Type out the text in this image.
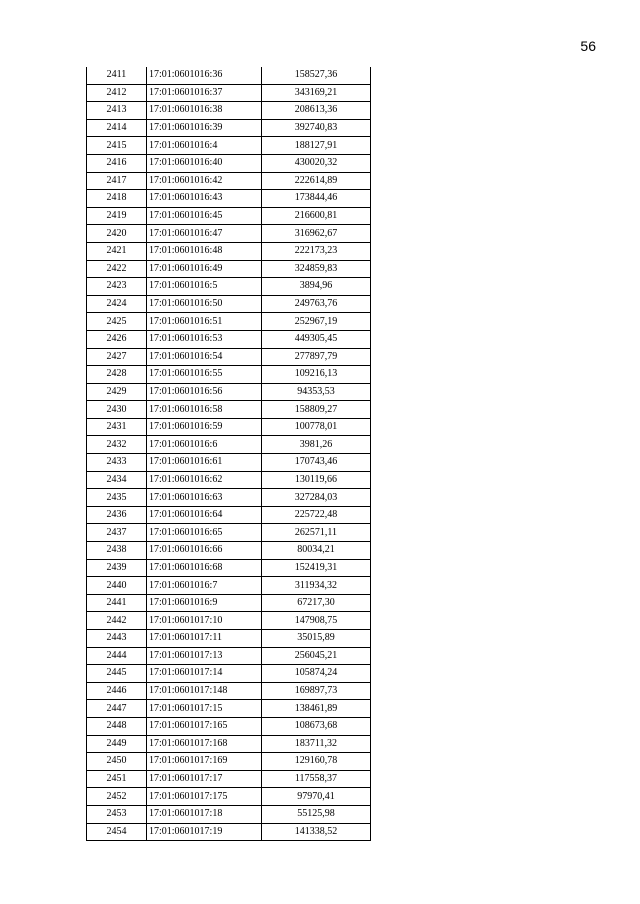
56
2411	17:01:0601016:36	158527,36
2412	17:01:0601016:37	343169,21
2413	17:01:0601016:38	208613,36
2414	17:01:0601016:39	392740,83
2415	17:01:0601016:4	188127,91
2416	17:01:0601016:40	430020,32
2417	17:01:0601016:42	222614,89
2418	17:01:0601016:43	173844,46
2419	17:01:0601016:45	216600,81
2420	17:01:0601016:47	316962,67
2421	17:01:0601016:48	222173,23
2422	17:01:0601016:49	324859,83
2423	17:01:0601016:5	3894,96
2424	17:01:0601016:50	249763,76
2425	17:01:0601016:51	252967,19
2426	17:01:0601016:53	449305,45
2427	17:01:0601016:54	277897,79
2428	17:01:0601016:55	109216,13
2429	17:01:0601016:56	94353,53
2430	17:01:0601016:58	158809,27
2431	17:01:0601016:59	100778,01
2432	17:01:0601016:6	3981,26
2433	17:01:0601016:61	170743,46
2434	17:01:0601016:62	130119,66
2435	17:01:0601016:63	327284,03
2436	17:01:0601016:64	225722,48
2437	17:01:0601016:65	262571,11
2438	17:01:0601016:66	80034,21
2439	17:01:0601016:68	152419,31
2440	17:01:0601016:7	311934,32
2441	17:01:0601016:9	67217,30
2442	17:01:0601017:10	147908,75
2443	17:01:0601017:11	35015,89
2444	17:01:0601017:13	256045,21
2445	17:01:0601017:14	105874,24
2446	17:01:0601017:148	169897,73
2447	17:01:0601017:15	138461,89
2448	17:01:0601017:165	108673,68
2449	17:01:0601017:168	183711,32
2450	17:01:0601017:169	129160,78
2451	17:01:0601017:17	117558,37
2452	17:01:0601017:175	97970,41
2453	17:01:0601017:18	55125,98
2454	17:01:0601017:19	141338,52
